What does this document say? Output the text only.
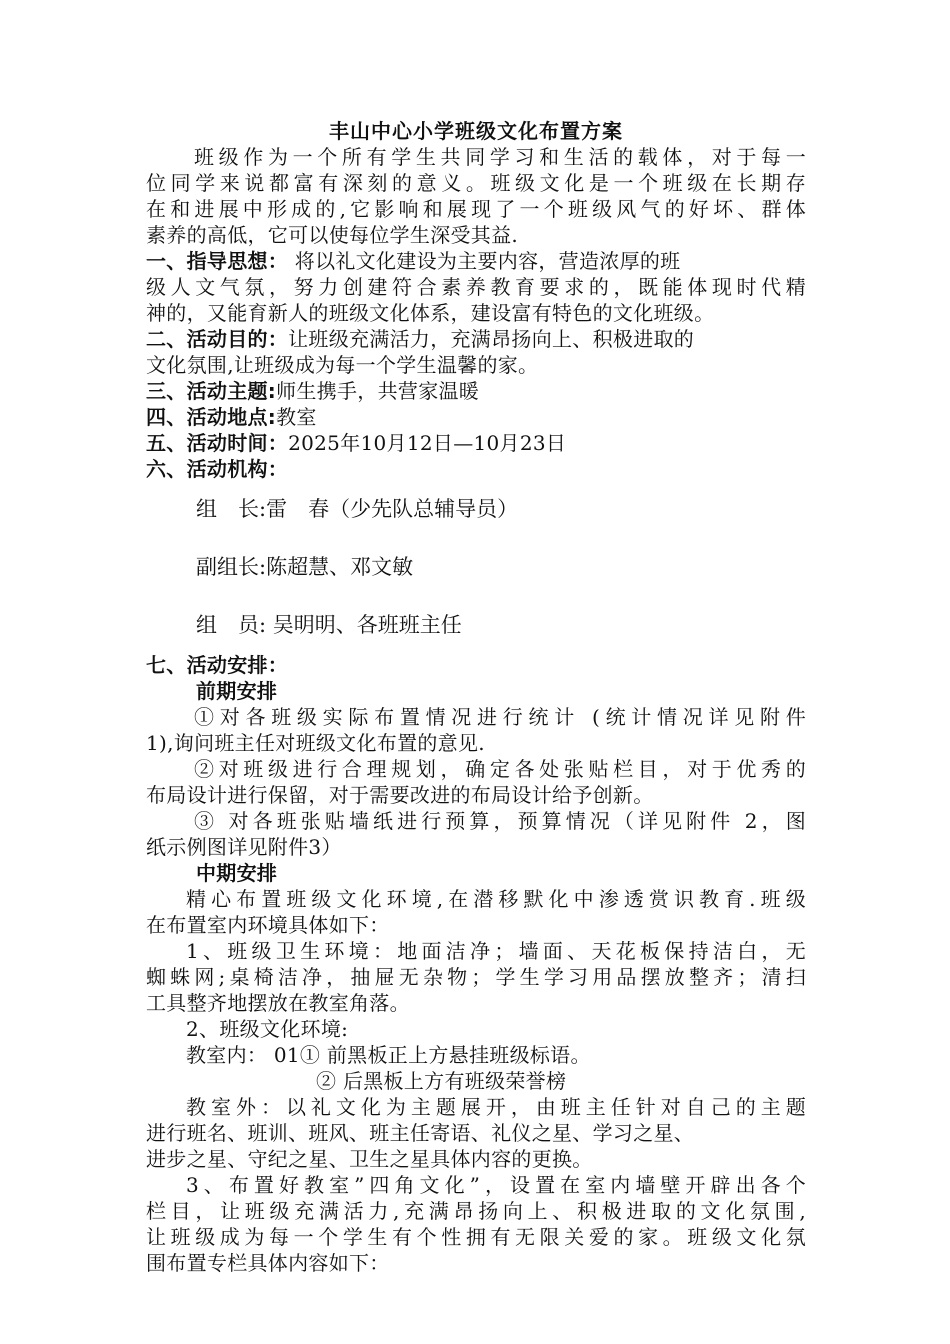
丰山中心小学班级文化布置方案
班级作为一个所有学生共同学习和生活的载体，对于每一
位同学来说都富有深刻的意义。班级文化是一个班级在长期存
在和进展中形成的,它影响和展现了一个班级风气的好坏、群体
素养的高低，它可以使每位学生深受其益.
一、指导思想： 将以礼文化建设为主要内容，营造浓厚的班
级人文气氛，努力创建符合素养教育要求的，既能体现时代精
神的，又能育新人的班级文化体系，建设富有特色的文化班级。
二、活动目的：让班级充满活力，充满昂扬向上、积极进取的
文化氛围,让班级成为每一个学生温馨的家。
三、活动主题:师生携手，共营家温暖
四、活动地点:教室
五、活动时间：2025年10月12日—10月23日
六、活动机构：
组　长:雷　春（少先队总辅导员）
副组长:陈超慧、邓文敏
组　员: 吴明明、各班班主任
七、活动安排：
前期安排
①对各班级实际布置情况进行统计 (统计情况详见附件
1),询问班主任对班级文化布置的意见.
②对班级进行合理规划，确定各处张贴栏目，对于优秀的
布局设计进行保留，对于需要改进的布局设计给予创新。
③ 对各班张贴墙纸进行预算，预算情况（详见附件 2，图
纸示例图详见附件3）
中期安排
精心布置班级文化环境,在潜移默化中渗透赏识教育.班级
在布置室内环境具体如下：
1、班级卫生环境：地面洁净；墙面、天花板保持洁白，无
蜘蛛网;桌椅洁净，抽屉无杂物；学生学习用品摆放整齐；清扫
工具整齐地摆放在教室角落。
2、班级文化环境:
教室内： 01① 前黑板正上方悬挂班级标语。
② 后黑板上方有班级荣誉榜
教室外：以礼文化为主题展开，由班主任针对自己的主题
进行班名、班训、班风、班主任寄语、礼仪之星、学习之星、
进步之星、守纪之星、卫生之星具体内容的更换。
3、布置好教室”四角文化”，设置在室内墙壁开辟出各个
栏目，让班级充满活力,充满昂扬向上、积极进取的文化氛围,
让班级成为每一个学生有个性拥有无限关爱的家。班级文化氛
围布置专栏具体内容如下：
